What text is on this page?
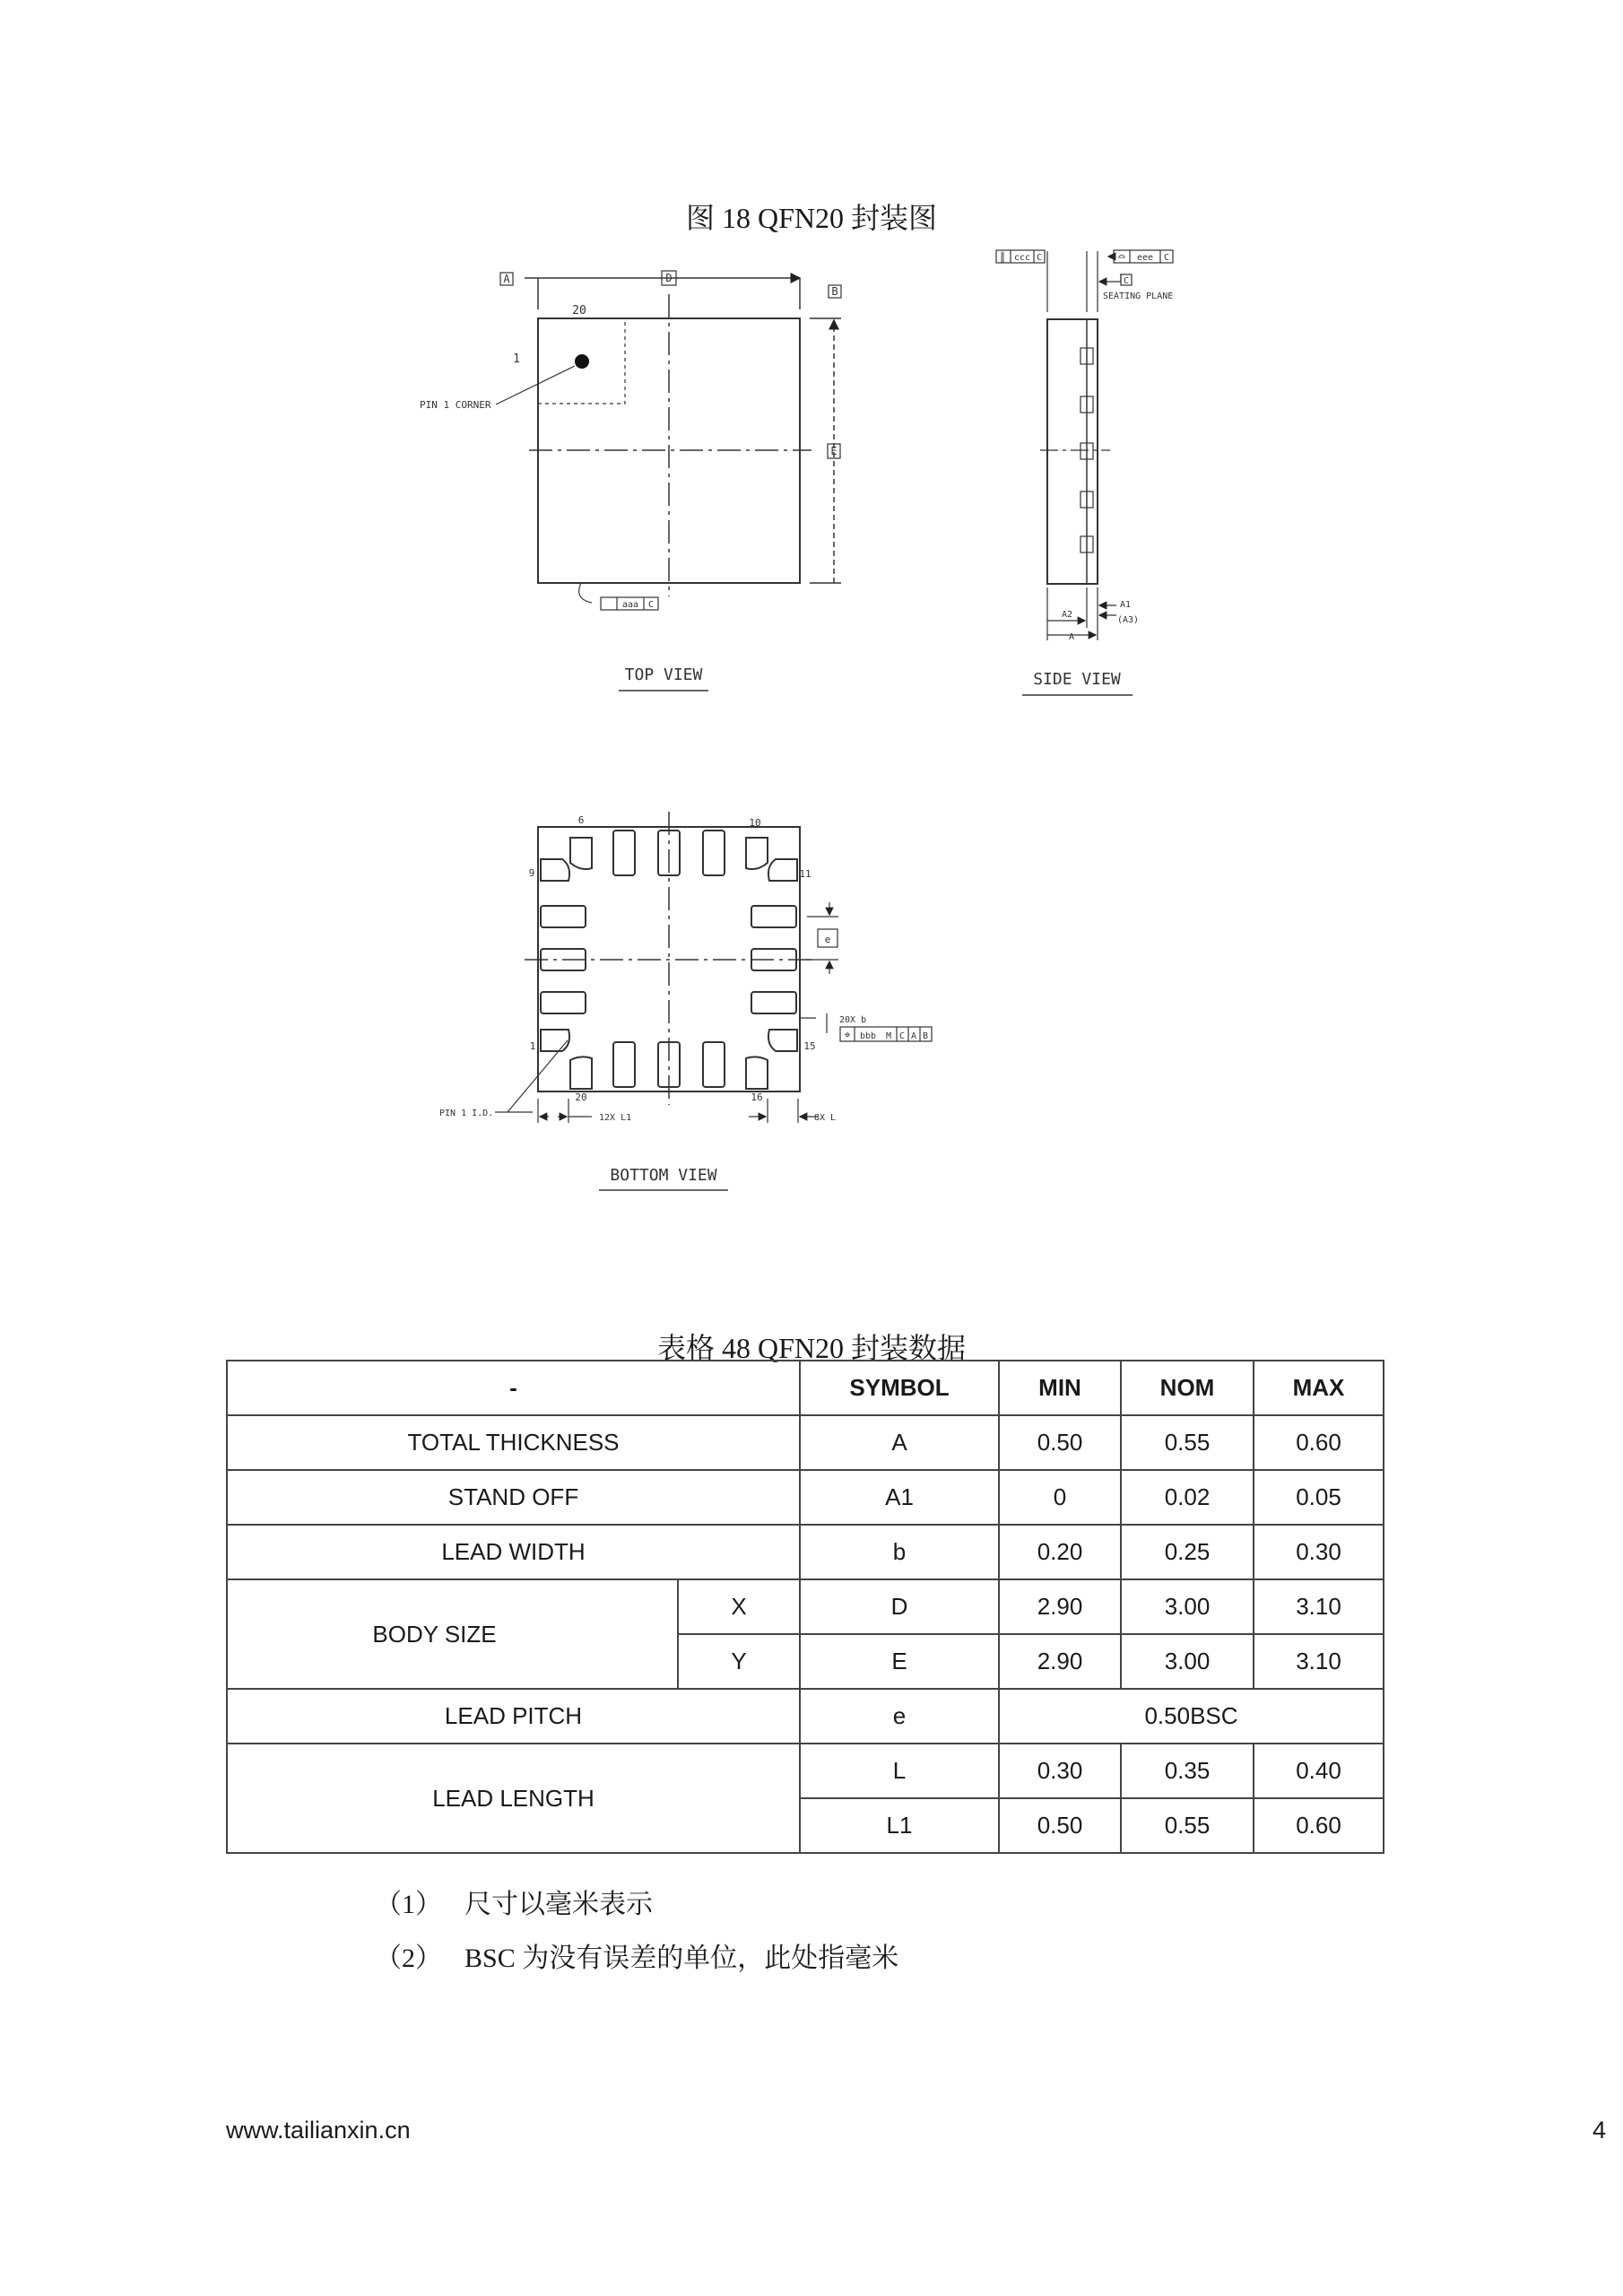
图 18 QFN20 封装图
A	D
B
E
20
1
PIN 1 CORNER
aaa C
TOP VIEW
∥ ccc C	⌓ eee C
C
SEATING PLANE
A1
(A3)
A2
A
SIDE VIEW
6	10
9	11
1	15
20	16
e
20X b
⌖ bbb M C A B
PIN 1 I.D.	12X L1	8X L
BOTTOM VIEW
表格 48 QFN20 封装数据
-		SYMBOL	MIN	NOM	MAX
TOTAL THICKNESS		A	0.50	0.55	0.60
STAND OFF		A1	0	0.02	0.05
LEAD WIDTH		b	0.20	0.25	0.30
BODY SIZE	X	D	2.90	3.00	3.10
	Y	E	2.90	3.00	3.10
LEAD PITCH		e	0.50BSC		
LEAD LENGTH		L	0.30	0.35	0.40
		L1	0.50	0.55	0.60
（1） 尺寸以毫米表示
（2） BSC 为没有误差的单位，此处指毫米
www.tailianxin.cn	4
